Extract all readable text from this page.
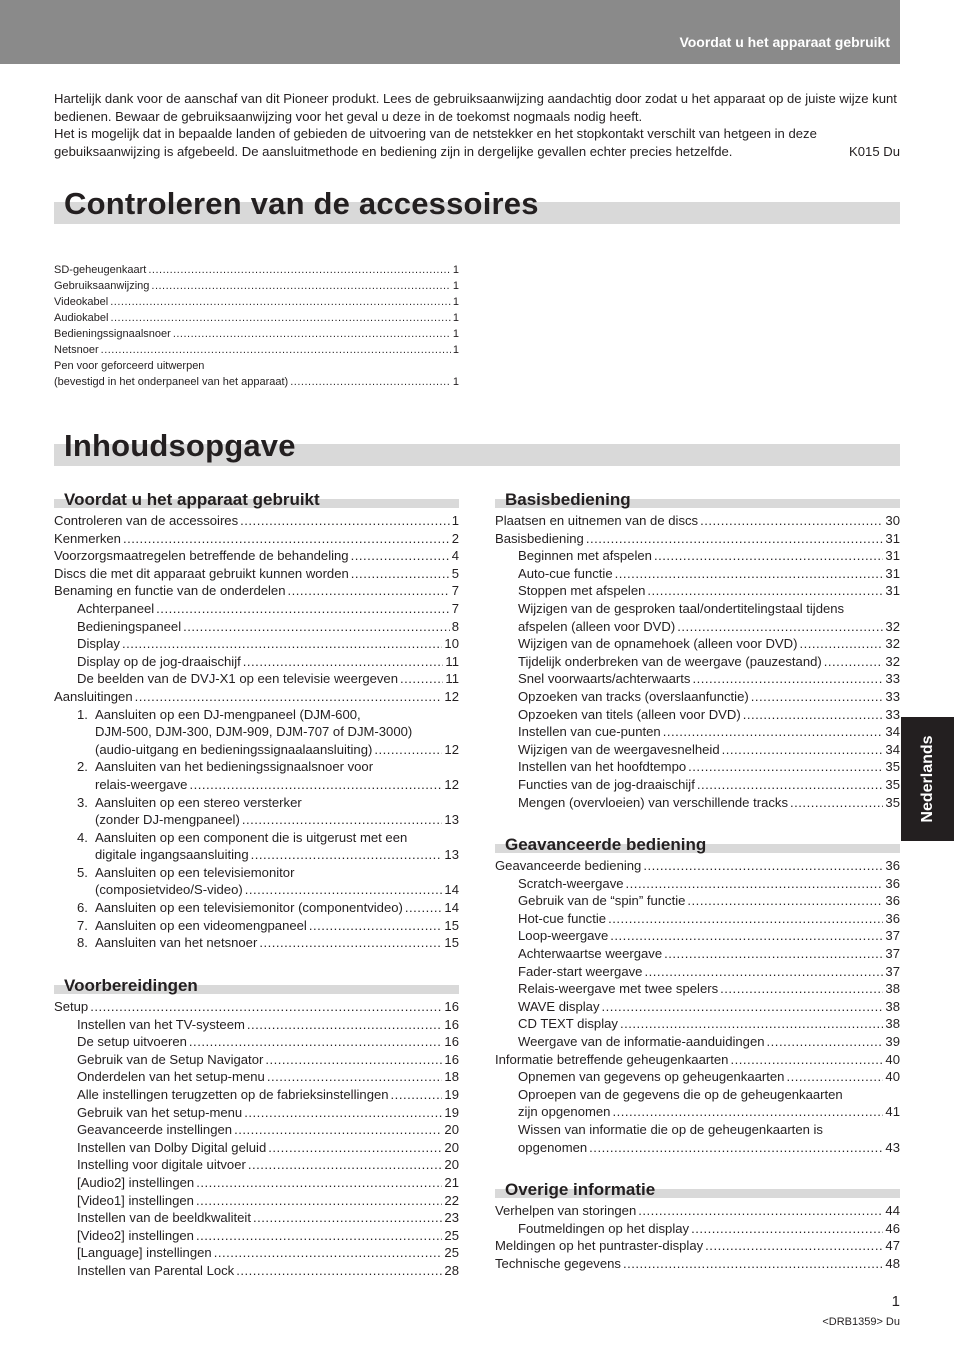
Voordat u het apparaat gebruikt

Hartelijk dank voor de aanschaf van dit Pioneer produkt. Lees de gebruiksaanwijzing aandachtig door zodat u het apparaat op de juiste wijze kunt bedienen. Bewaar de gebruiksaanwijzing voor het geval u deze in de toekomst nogmaals nodig heeft.

Het is mogelijk dat in bepaalde landen of gebieden de uitvoering van de netstekker en het stopkontakt verschilt van hetgeen in deze gebuiksaanwijzing is afgebeeld. De aansluitmethode en bediening zijn in dergelijke gevallen echter precies hetzelfde.	K015 Du

Controleren van de accessoires
SD-geheugenkaart .....	1
Gebruiksaanwijzing .....	1
Videokabel .....	1
Audiokabel .....	1
Bedieningssignaalsnoer .....	1
Netsnoer .....	1
Pen voor geforceerd uitwerpen
(bevestigd in het onderpaneel van het apparaat) .....	1
Inhoudsopgave
Voordat u het apparaat gebruikt
Controleren van de accessoires .....	1
Kenmerken .....	2
Voorzorgsmaatregelen betreffende de behandeling .....	4
Discs die met dit apparaat gebruikt kunnen worden .....	5
Benaming en functie van de onderdelen .....	7
Achterpaneel .....	7
Bedieningspaneel .....	8
Display .....	10
Display op de jog-draaischijf .....	11
De beelden van de DVJ-X1 op een televisie weergeven .....	11
Aansluitingen .....	12
1. Aansluiten op een DJ-mengpaneel (DJM-600,
DJM-500, DJM-300, DJM-909, DJM-707 of DJM-3000)
(audio-uitgang en bedieningssignaalaansluiting) .....	12
2. Aansluiten van het bedieningssignaalsnoer voor
relais-weergave .....	12
3. Aansluiten op een stereo versterker
(zonder DJ-mengpaneel) .....	13
4. Aansluiten op een component die is uitgerust met een
digitale ingangsaansluiting .....	13
5. Aansluiten op een televisiemonitor
(composietvideo/S-video) .....	14
6. Aansluiten op een televisiemonitor (componentvideo) .....	14
7. Aansluiten op een videomengpaneel .....	15
8. Aansluiten van het netsnoer .....	15
Voorbereidingen
Setup .....	16
Instellen van het TV-systeem .....	16
De setup uitvoeren .....	16
Gebruik van de Setup Navigator .....	16
Onderdelen van het setup-menu .....	18
Alle instellingen terugzetten op de fabrieksinstellingen .....	19
Gebruik van het setup-menu .....	19
Geavanceerde instellingen .....	20
Instellen van Dolby Digital geluid .....	20
Instelling voor digitale uitvoer .....	20
[Audio2] instellingen .....	21
[Video1] instellingen .....	22
Instellen van de beeldkwaliteit .....	23
[Video2] instellingen .....	25
[Language] instellingen .....	25
Instellen van Parental Lock .....	28
Basisbediening
Plaatsen en uitnemen van de discs .....	30
Basisbediening .....	31
Beginnen met afspelen .....	31
Auto-cue functie .....	31
Stoppen met afspelen .....	31
Wijzigen van de gesproken taal/ondertitelingstaal tijdens
afspelen (alleen voor DVD) .....	32
Wijzigen van de opnamehoek (alleen voor DVD) .....	32
Tijdelijk onderbreken van de weergave (pauzestand) .....	32
Snel voorwaarts/achterwaarts .....	33
Opzoeken van tracks (overslaanfunctie) .....	33
Opzoeken van titels (alleen voor DVD) .....	33
Instellen van cue-punten .....	34
Wijzigen van de weergavesnelheid .....	34
Instellen van het hoofdtempo .....	35
Functies van de jog-draaischijf .....	35
Mengen (overvloeien) van verschillende tracks .....	35
Geavanceerde bediening
Geavanceerde bediening .....	36
Scratch-weergave .....	36
Gebruik van de “spin” functie .....	36
Hot-cue functie .....	36
Loop-weergave .....	37
Achterwaartse weergave .....	37
Fader-start weergave .....	37
Relais-weergave met twee spelers .....	38
WAVE display .....	38
CD TEXT display .....	38
Weergave van de informatie-aanduidingen .....	39
Informatie betreffende geheugenkaarten .....	40
Opnemen van gegevens op geheugenkaarten .....	40
Oproepen van de gegevens die op de geheugenkaarten
zijn opgenomen .....	41
Wissen van informatie die op de geheugenkaarten is
opgenomen .....	43
Overige informatie
Verhelpen van storingen .....	44
Foutmeldingen op het display .....	46
Meldingen op het puntraster-display .....	47
Technische gegevens .....	48
Nederlands
1
<DRB1359> Du
